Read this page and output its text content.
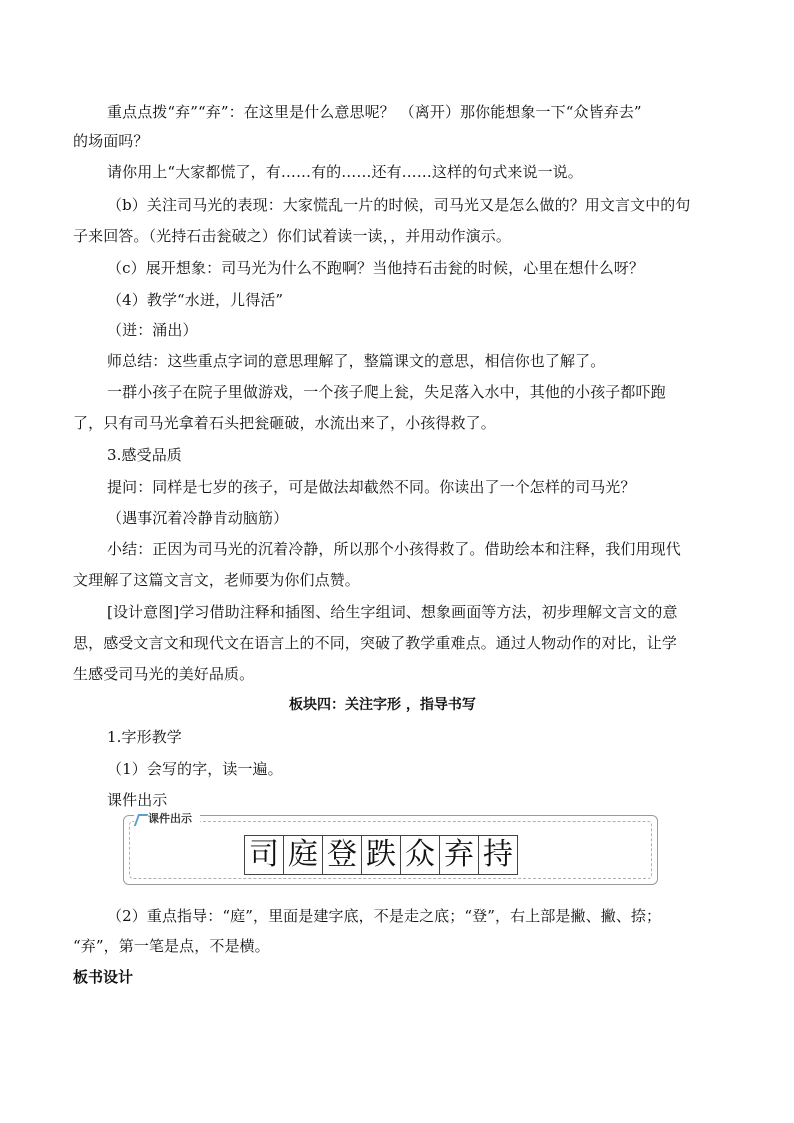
重点点拨“弃”“弃”：在这里是什么意思呢？ （离开）那你能想象一下“众皆弃去”
的场面吗？
请你用上“大家都慌了，有……有的……还有……这样的句式来说一说。
（b）关注司马光的表现：大家慌乱一片的时候，司马光又是怎么做的？用文言文中的句
子来回答。（光持石击瓮破之）你们试着读一读，，并用动作演示。
（c）展开想象：司马光为什么不跑啊？当他持石击瓮的时候，心里在想什么呀？
（4）教学“水迸，儿得活”
（迸：涌出）
师总结：这些重点字词的意思理解了，整篇课文的意思，相信你也了解了。
一群小孩子在院子里做游戏，一个孩子爬上瓮，失足落入水中，其他的小孩子都吓跑
了，只有司马光拿着石头把瓮砸破，水流出来了，小孩得救了。
3.感受品质
提问：同样是七岁的孩子，可是做法却截然不同。你读出了一个怎样的司马光？
（遇事沉着冷静肯动脑筋）
小结：正因为司马光的沉着冷静，所以那个小孩得救了。借助绘本和注释，我们用现代
文理解了这篇文言文，老师要为你们点赞。
[设计意图]学习借助注释和插图、给生字组词、想象画面等方法，初步理解文言文的意
思，感受文言文和现代文在语言上的不同，突破了教学重难点。通过人物动作的对比，让学
生感受司马光的美好品质。
板块四：关注字形 ，指导书写
1.字形教学
（1）会写的字，读一遍。
课件出示
课件出示
司 庭 登 跌 众 弃 持
（2）重点指导：“庭”，里面是建字底，不是走之底；“登”，右上部是撇、撇、捺；
“弃”，第一笔是点，不是横。
板书设计
